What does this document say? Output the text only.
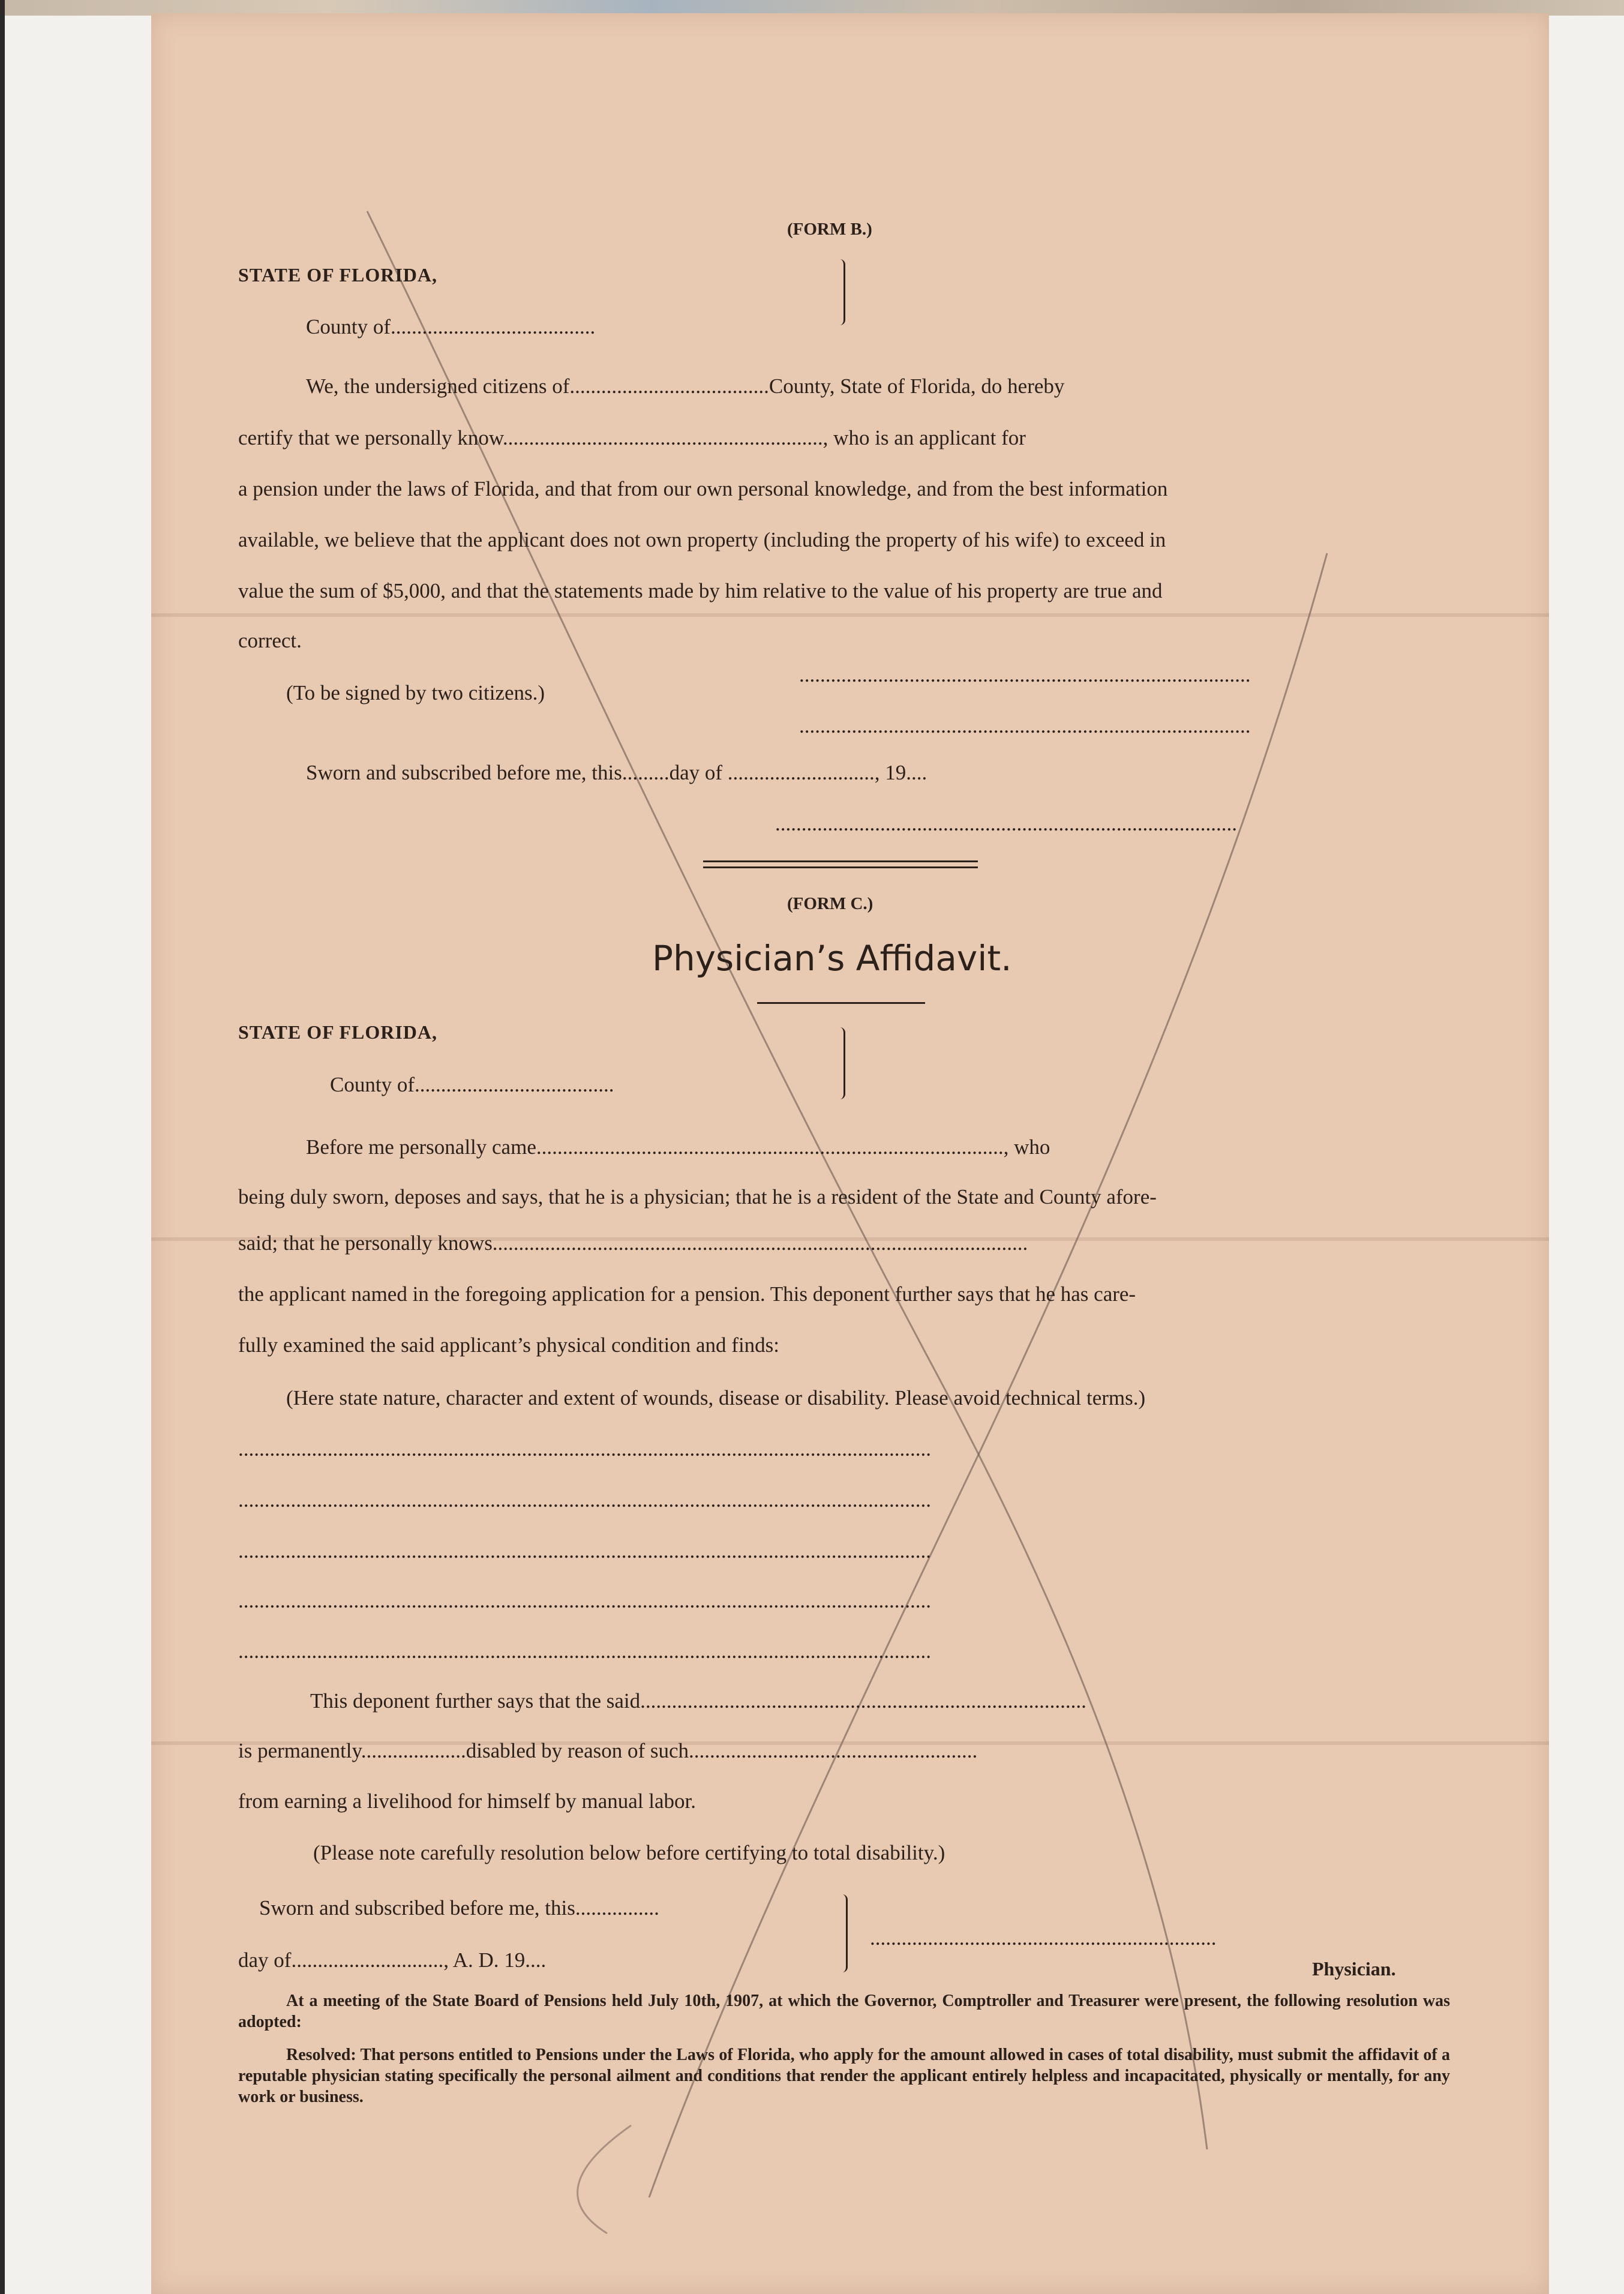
(FORM B.)
STATE OF FLORIDA,
County of.......................................
We, the undersigned citizens of......................................County, State of Florida, do hereby
certify that we personally know............................................................., who is an applicant for
a pension under the laws of Florida, and that from our own personal knowledge, and from the best information
available, we believe that the applicant does not own property (including the property of his wife) to exceed in
value the sum of $5,000, and that the statements made by him relative to the value of his property are true and
correct.
(To be signed by two citizens.)
......................................................................................
......................................................................................
Sworn and subscribed before me, this.........day of ............................, 19....
........................................................................................
(FORM C.)
Physician’s Affidavit.
STATE OF FLORIDA,
County of......................................
Before me personally came........................................................................................., who
being duly sworn, deposes and says, that he is a physician; that he is a resident of the State and County afore-
said; that he personally knows......................................................................................................
the applicant named in the foregoing application for a pension. This deponent further says that he has care-
fully examined the said applicant’s physical condition and finds:
(Here state nature, character and extent of wounds, disease or disability. Please avoid technical terms.)
....................................................................................................................................
....................................................................................................................................
....................................................................................................................................
....................................................................................................................................
....................................................................................................................................
This deponent further says that the said.....................................................................................
is permanently....................disabled by reason of such.......................................................
from earning a livelihood for himself by manual labor.
(Please note carefully resolution below before certifying to total disability.)
Sworn and subscribed before me, this................
day of............................., A. D. 19....
..................................................................
Physician.
At a meeting of the State Board of Pensions held July 10th, 1907, at which the Governor, Comptroller and Treasurer were present, the following resolution was adopted:
Resolved: That persons entitled to Pensions under the Laws of Florida, who apply for the amount allowed in cases of total disability, must submit the affidavit of a reputable physician stating specifically the personal ailment and conditions that render the applicant entirely helpless and incapacitated, physically or mentally, for any work or business.
